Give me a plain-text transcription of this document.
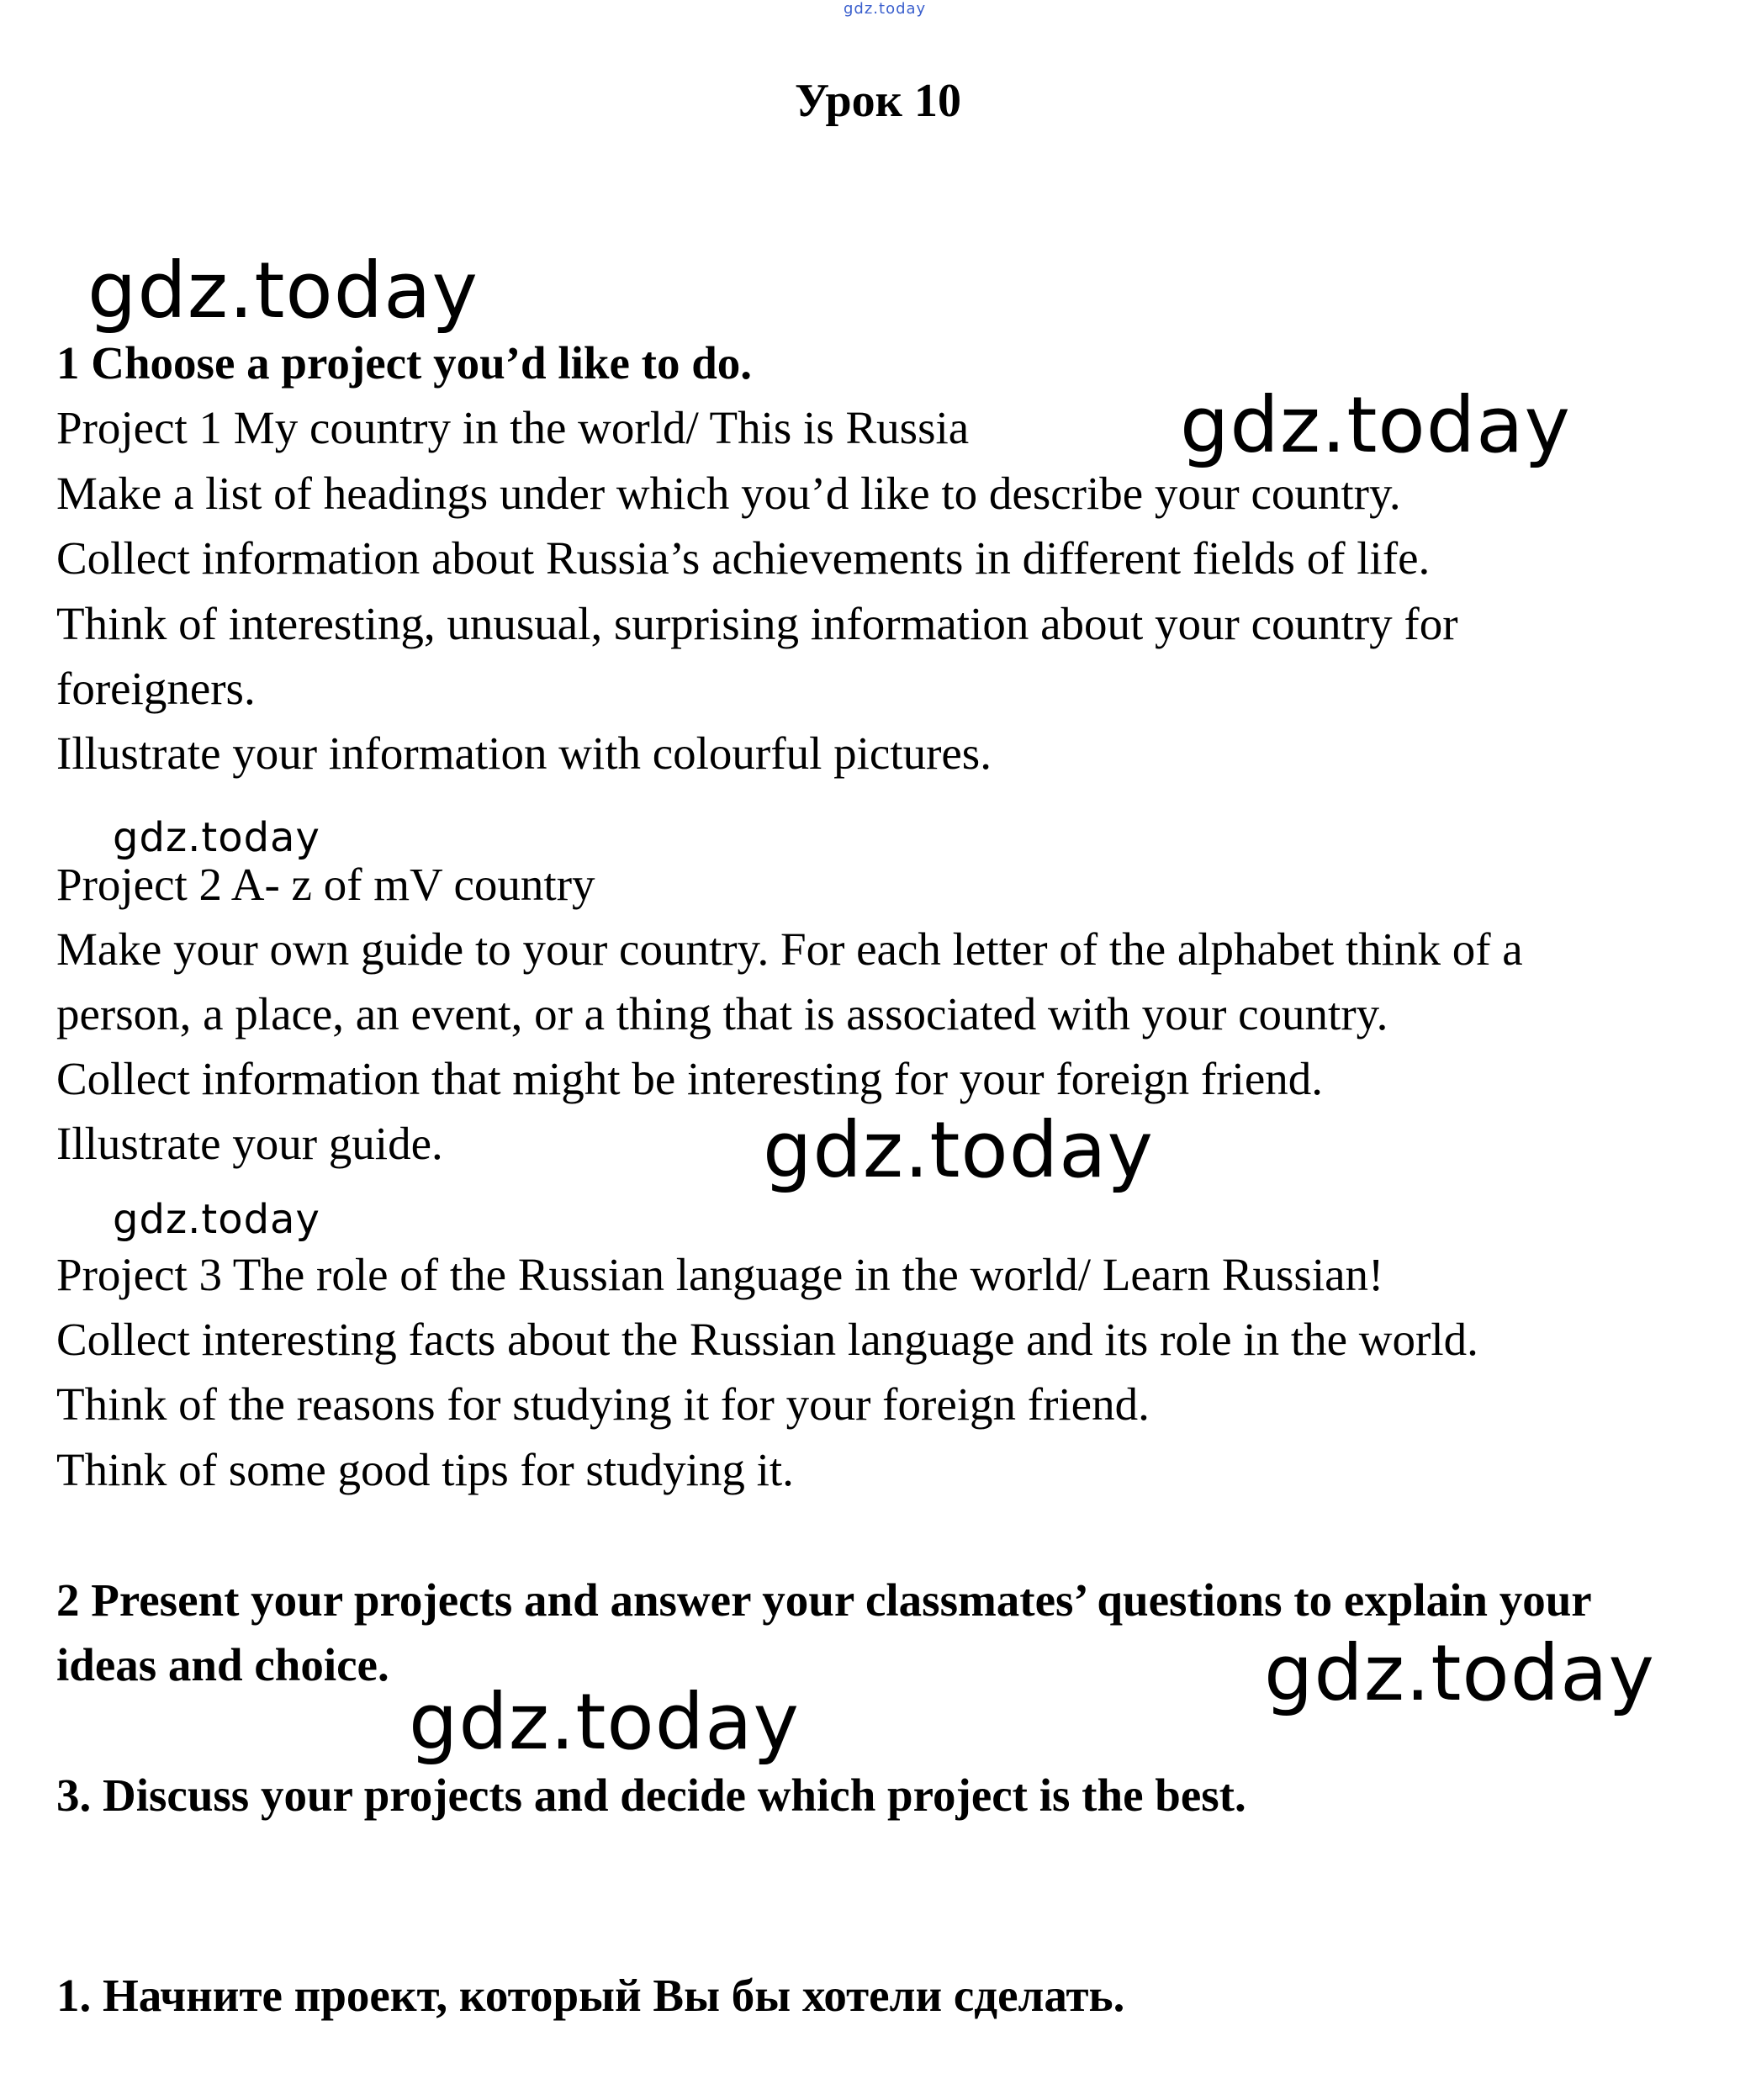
gdz.today
Урок 10
gdz.today
gdz.today
gdz.today
gdz.today
gdz.today
gdz.today
gdz.today

1 Choose a project you’d like to do.

Project 1 My country in the world/ This is Russia

Make a list of headings under which you’d like to describe your country.

Collect information about Russia’s achievements in different fields of life.

Think of interesting, unusual, surprising information about your country for

foreigners.

Illustrate your information with colourful pictures.

Project 2 A- z of mV country

Make your own guide to your country. For each letter of the alphabet think of a

person, a place, an event, or a thing that is associated with your country.

Collect information that might be interesting for your foreign friend.

Illustrate your guide.

Project 3 The role of the Russian language in the world/ Learn Russian!

Collect interesting facts about the Russian language and its role in the world.

Think of the reasons for studying it for your foreign friend.

Think of some good tips for studying it.

2 Present your projects and answer your classmates’ questions to explain your

ideas and choice.

3. Discuss your projects and decide which project is the best.

1. Начните проект, который Вы бы хотели сделать.
